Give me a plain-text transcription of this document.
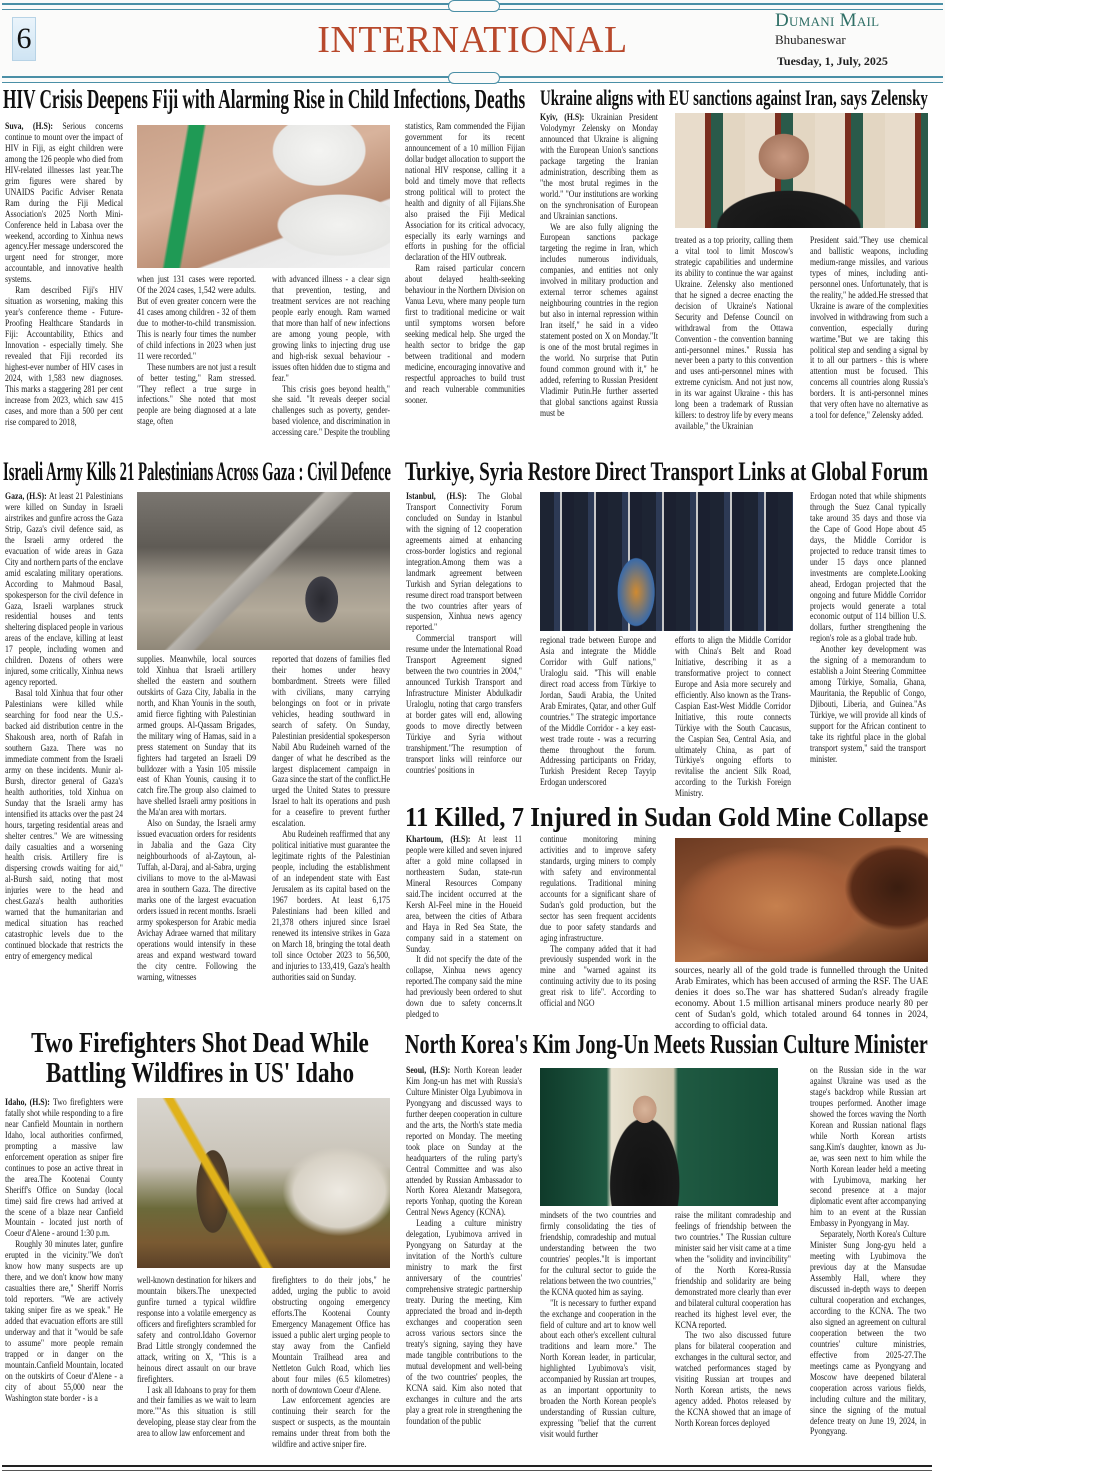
6	INTERNATIONAL	Dumani Mail
Bhubaneswar
Tuesday, 1, July, 2025
HIV Crisis Deepens Fiji with Alarming Rise in Child Infections, Deaths

Suva, (H.S): Serious concerns continue to mount over the impact of HIV in Fiji, as eight children were among the 126 people who died from HIV-related illnesses last year.The grim figures were shared by UNAIDS Pacific Adviser Renata Ram during the Fiji Medical Association's 2025 North Mini-Conference held in Labasa over the weekend, according to Xinhua news agency.Her message underscored the urgent need for stronger, more accountable, and innovative health systems.

Ram described Fiji's HIV situation as worsening, making this year's conference theme - Future-Proofing Healthcare Standards in Fiji: Accountability, Ethics and Innovation - especially timely. She revealed that Fiji recorded its highest-ever number of HIV cases in 2024, with 1,583 new diagnoses. This marks a staggering 281 per cent increase from 2023, which saw 415 cases, and more than a 500 per cent rise compared to 2018,

when just 131 cases were reported. Of the 2024 cases, 1,542 were adults. But of even greater concern were the 41 cases among children - 32 of them due to mother-to-child transmission. This is nearly four times the number of child infections in 2023 when just 11 were recorded."

These numbers are not just a result of better testing," Ram stressed. "They reflect a true surge in infections." She noted that most people are being diagnosed at a late stage, often

with advanced illness - a clear sign that prevention, testing, and treatment services are not reaching people early enough. Ram warned that more than half of new infections are among young people, with growing links to injecting drug use and high-risk sexual behaviour - issues often hidden due to stigma and fear."

This crisis goes beyond health," she said. "It reveals deeper social challenges such as poverty, gender-based violence, and discrimination in accessing care." Despite the troubling

statistics, Ram commended the Fijian government for its recent announcement of a 10 million Fijian dollar budget allocation to support the national HIV response, calling it a bold and timely move that reflects strong political will to protect the health and dignity of all Fijians.She also praised the Fiji Medical Association for its critical advocacy, especially its early warnings and efforts in pushing for the official declaration of the HIV outbreak.

Ram raised particular concern about delayed health-seeking behaviour in the Northern Division on Vanua Levu, where many people turn first to traditional medicine or wait until symptoms worsen before seeking medical help. She urged the health sector to bridge the gap between traditional and modern medicine, encouraging innovative and respectful approaches to build trust and reach vulnerable communities sooner.

Ukraine aligns with EU sanctions against Iran, says Zelensky

Kyiv, (H.S): Ukrainian President Volodymyr Zelensky on Monday announced that Ukraine is aligning with the European Union's sanctions package targeting the Iranian administration, describing them as "the most brutal regimes in the world." "Our institutions are working on the synchronisation of European and Ukrainian sanctions.

We are also fully aligning the European sanctions package targeting the regime in Iran, which includes numerous individuals, companies, and entities not only involved in military production and external terror schemes against neighbouring countries in the region but also in internal repression within Iran itself," he said in a video statement posted on X on Monday."It is one of the most brutal regimes in the world. No surprise that Putin found common ground with it," he added, referring to Russian President Vladimir Putin.He further asserted that global sanctions against Russia must be

treated as a top priority, calling them a vital tool to limit Moscow's strategic capabilities and undermine its ability to continue the war against Ukraine. Zelensky also mentioned that he signed a decree enacting the decision of Ukraine's National Security and Defense Council on withdrawal from the Ottawa Convention - the convention banning anti-personnel mines." Russia has never been a party to this convention and uses anti-personnel mines with extreme cynicism. And not just now, in its war against Ukraine - this has long been a trademark of Russian killers: to destroy life by every means available," the Ukrainian

President said."They use chemical and ballistic weapons, including medium-range missiles, and various types of mines, including anti-personnel ones. Unfortunately, that is the reality," he added.He stressed that Ukraine is aware of the complexities involved in withdrawing from such a convention, especially during wartime."But we are taking this political step and sending a signal by it to all our partners - this is where attention must be focused. This concerns all countries along Russia's borders. It is anti-personnel mines that very often have no alternative as a tool for defence," Zelensky added.

Israeli Army Kills 21 Palestinians Across Gaza : Civil Defence

Gaza, (H.S): At least 21 Palestinians were killed on Sunday in Israeli airstrikes and gunfire across the Gaza Strip, Gaza's civil defence said, as the Israeli army ordered the evacuation of wide areas in Gaza City and northern parts of the enclave amid escalating military operations. According to Mahmoud Basal, spokesperson for the civil defence in Gaza, Israeli warplanes struck residential houses and tents sheltering displaced people in various areas of the enclave, killing at least 17 people, including women and children. Dozens of others were injured, some critically, Xinhua news agency reported.

Basal told Xinhua that four other Palestinians were killed while searching for food near the U.S.-backed aid distribution centre in the Shakoush area, north of Rafah in southern Gaza. There was no immediate comment from the Israeli army on these incidents. Munir al-Bursh, director general of Gaza's health authorities, told Xinhua on Sunday that the Israeli army has intensified its attacks over the past 24 hours, targeting residential areas and shelter centres." We are witnessing daily casualties and a worsening health crisis. Artillery fire is dispersing crowds waiting for aid," al-Bursh said, noting that most injuries were to the head and chest.Gaza's health authorities warned that the humanitarian and medical situation has reached catastrophic levels due to the continued blockade that restricts the entry of emergency medical

supplies. Meanwhile, local sources told Xinhua that Israeli artillery shelled the eastern and southern outskirts of Gaza City, Jabalia in the north, and Khan Younis in the south, amid fierce fighting with Palestinian armed groups. Al-Qassam Brigades, the military wing of Hamas, said in a press statement on Sunday that its fighters had targeted an Israeli D9 bulldozer with a Yasin 105 missile east of Khan Younis, causing it to catch fire.The group also claimed to have shelled Israeli army positions in the Ma'an area with mortars.

Also on Sunday, the Israeli army issued evacuation orders for residents in Jabalia and the Gaza City neighbourhoods of al-Zaytoun, al-Tuffah, al-Daraj, and al-Sabra, urging civilians to move to the al-Mawasi area in southern Gaza. The directive marks one of the largest evacuation orders issued in recent months. Israeli army spokesperson for Arabic media Avichay Adraee warned that military operations would intensify in these areas and expand westward toward the city centre. Following the warning, witnesses

reported that dozens of families fled their homes under heavy bombardment. Streets were filled with civilians, many carrying belongings on foot or in private vehicles, heading southward in search of safety. On Sunday, Palestinian presidential spokesperson Nabil Abu Rudeineh warned of the danger of what he described as the largest displacement campaign in Gaza since the start of the conflict.He urged the United States to pressure Israel to halt its operations and push for a ceasefire to prevent further escalation.

Abu Rudeineh reaffirmed that any political initiative must guarantee the legitimate rights of the Palestinian people, including the establishment of an independent state with East Jerusalem as its capital based on the 1967 borders. At least 6,175 Palestinians had been killed and 21,378 others injured since Israel renewed its intensive strikes in Gaza on March 18, bringing the total death toll since October 2023 to 56,500, and injuries to 133,419, Gaza's health authorities said on Sunday.

Turkiye, Syria Restore Direct Transport Links at Global Forum

Istanbul, (H.S): The Global Transport Connectivity Forum concluded on Sunday in Istanbul with the signing of 12 cooperation agreements aimed at enhancing cross-border logistics and regional integration.Among them was a landmark agreement between Turkish and Syrian delegations to resume direct road transport between the two countries after years of suspension, Xinhua news agency reported."

Commercial transport will resume under the International Road Transport Agreement signed between the two countries in 2004," announced Turkish Transport and Infrastructure Minister Abdulkadir Uraloglu, noting that cargo transfers at border gates will end, allowing goods to move directly between Türkiye and Syria without transhipment."The resumption of transport links will reinforce our countries' positions in

regional trade between Europe and Asia and integrate the Middle Corridor with Gulf nations," Uraloglu said. "This will enable direct road access from Türkiye to Jordan, Saudi Arabia, the United Arab Emirates, Qatar, and other Gulf countries." The strategic importance of the Middle Corridor - a key east-west trade route - was a recurring theme throughout the forum. Addressing participants on Friday, Turkish President Recep Tayyip Erdogan underscored

efforts to align the Middle Corridor with China's Belt and Road Initiative, describing it as a transformative project to connect Europe and Asia more securely and efficiently. Also known as the Trans-Caspian East-West Middle Corridor Initiative, this route connects Türkiye with the South Caucasus, the Caspian Sea, Central Asia, and ultimately China, as part of Türkiye's ongoing efforts to revitalise the ancient Silk Road, according to the Turkish Foreign Ministry.

Erdogan noted that while shipments through the Suez Canal typically take around 35 days and those via the Cape of Good Hope about 45 days, the Middle Corridor is projected to reduce transit times to under 15 days once planned investments are complete.Looking ahead, Erdogan projected that the ongoing and future Middle Corridor projects would generate a total economic output of 114 billion U.S. dollars, further strengthening the region's role as a global trade hub.

Another key development was the signing of a memorandum to establish a Joint Steering Committee among Türkiye, Somalia, Ghana, Mauritania, the Republic of Congo, Djibouti, Liberia, and Guinea."As Türkiye, we will provide all kinds of support for the African continent to take its rightful place in the global transport system," said the transport minister.

11 Killed, 7 Injured in Sudan Gold Mine Collapse

Khartoum, (H.S): At least 11 people were killed and seven injured after a gold mine collapsed in northeastern Sudan, state-run Mineral Resources Company said.The incident occurred at the Kersh Al-Feel mine in the Houeid area, between the cities of Atbara and Haya in Red Sea State, the company said in a statement on Sunday.

It did not specify the date of the collapse, Xinhua news agency reported.The company said the mine had previously been ordered to shut down due to safety concerns.It pledged to

continue monitoring mining activities and to improve safety standards, urging miners to comply with safety and environmental regulations. Traditional mining accounts for a significant share of Sudan's gold production, but the sector has seen frequent accidents due to poor safety standards and aging infrastructure.

The company added that it had previously suspended work in the mine and "warned against its continuing activity due to its posing great risk to life". According to official and NGO

sources, nearly all of the gold trade is funnelled through the United Arab Emirates, which has been accused of arming the RSF. The UAE denies it does so.The war has shattered Sudan's already fragile economy. About 1.5 million artisanal miners produce nearly 80 per cent of Sudan's gold, which totaled around 64 tonnes in 2024, according to official data.

Two Firefighters Shot Dead While Battling Wildfires in US' Idaho

Idaho, (H.S): Two firefighters were fatally shot while responding to a fire near Canfield Mountain in northern Idaho, local authorities confirmed, prompting a massive law enforcement operation as sniper fire continues to pose an active threat in the area.The Kootenai County Sheriff's Office on Sunday (local time) said fire crews had arrived at the scene of a blaze near Canfield Mountain - located just north of Coeur d'Alene - around 1:30 p.m.

Roughly 30 minutes later, gunfire erupted in the vicinity."We don't know how many suspects are up there, and we don't know how many casualties there are," Sheriff Norris told reporters. "We are actively taking sniper fire as we speak." He added that evacuation efforts are still underway and that it "would be safe to assume" more people remain trapped or in danger on the mountain.Canfield Mountain, located on the outskirts of Coeur d'Alene - a city of about 55,000 near the Washington state border - is a

well-known destination for hikers and mountain bikers.The unexpected gunfire turned a typical wildfire response into a volatile emergency as officers and firefighters scrambled for safety and control.Idaho Governor Brad Little strongly condemned the attack, writing on X, "This is a heinous direct assault on our brave firefighters.

I ask all Idahoans to pray for them and their families as we wait to learn more.""As this situation is still developing, please stay clear from the area to allow law enforcement and

firefighters to do their jobs," he added, urging the public to avoid obstructing ongoing emergency efforts.The Kootenai County Emergency Management Office has issued a public alert urging people to stay away from the Canfield Mountain Trailhead area and Nettleton Gulch Road, which lies about four miles (6.5 kilometres) north of downtown Coeur d'Alene.

Law enforcement agencies are continuing their search for the suspect or suspects, as the mountain remains under threat from both the wildfire and active sniper fire.

North Korea's Kim Jong-Un Meets Russian Culture Minister

Seoul, (H.S): North Korean leader Kim Jong-un has met with Russia's Culture Minister Olga Lyubimova in Pyongyang and discussed ways to further deepen cooperation in culture and the arts, the North's state media reported on Monday. The meeting took place on Sunday at the headquarters of the ruling party's Central Committee and was also attended by Russian Ambassador to North Korea Alexandr Matsegora, reports Yonhap, quoting the Korean Central News Agency (KCNA).

Leading a culture ministry delegation, Lyubimova arrived in Pyongyang on Saturday at the invitation of the North's culture ministry to mark the first anniversary of the countries' comprehensive strategic partnership treaty. During the meeting, Kim appreciated the broad and in-depth exchanges and cooperation seen across various sectors since the treaty's signing, saying they have made tangible contributions to the mutual development and well-being of the two countries' peoples, the KCNA said. Kim also noted that exchanges in culture and the arts play a great role in strengthening the foundation of the public

mindsets of the two countries and firmly consolidating the ties of friendship, comradeship and mutual understanding between the two countries' peoples."It is important for the cultural sector to guide the relations between the two countries," the KCNA quoted him as saying.

"It is necessary to further expand the exchange and cooperation in the field of culture and art to know well about each other's excellent cultural traditions and learn more." The North Korean leader, in particular, highlighted Lyubimova's visit, accompanied by Russian art troupes, as an important opportunity to broaden the North Korean people's understanding of Russian culture, expressing "belief that the current visit would further

raise the militant comradeship and feelings of friendship between the two countries." The Russian culture minister said her visit came at a time when the "solidity and invincibility" of the North Korea-Russia friendship and solidarity are being demonstrated more clearly than ever and bilateral cultural cooperation has reached its highest level ever, the KCNA reported.

The two also discussed future plans for bilateral cooperation and exchanges in the cultural sector, and watched performances staged by visiting Russian art troupes and North Korean artists, the news agency added. Photos released by the KCNA showed that an image of North Korean forces deployed

on the Russian side in the war against Ukraine was used as the stage's backdrop while Russian art troupes performed. Another image showed the forces waving the North Korean and Russian national flags while North Korean artists sang.Kim's daughter, known as Ju-ae, was seen next to him while the North Korean leader held a meeting with Lyubimova, marking her second presence at a major diplomatic event after accompanying him to an event at the Russian Embassy in Pyongyang in May.

Separately, North Korea's Culture Minister Sung Jong-gyu held a meeting with Lyubimova the previous day at the Mansudae Assembly Hall, where they discussed in-depth ways to deepen cultural cooperation and exchanges, according to the KCNA. The two also signed an agreement on cultural cooperation between the two countries' culture ministries, effective from 2025-27.The meetings came as Pyongyang and Moscow have deepened bilateral cooperation across various fields, including culture and the military, since the signing of the mutual defence treaty on June 19, 2024, in Pyongyang.
